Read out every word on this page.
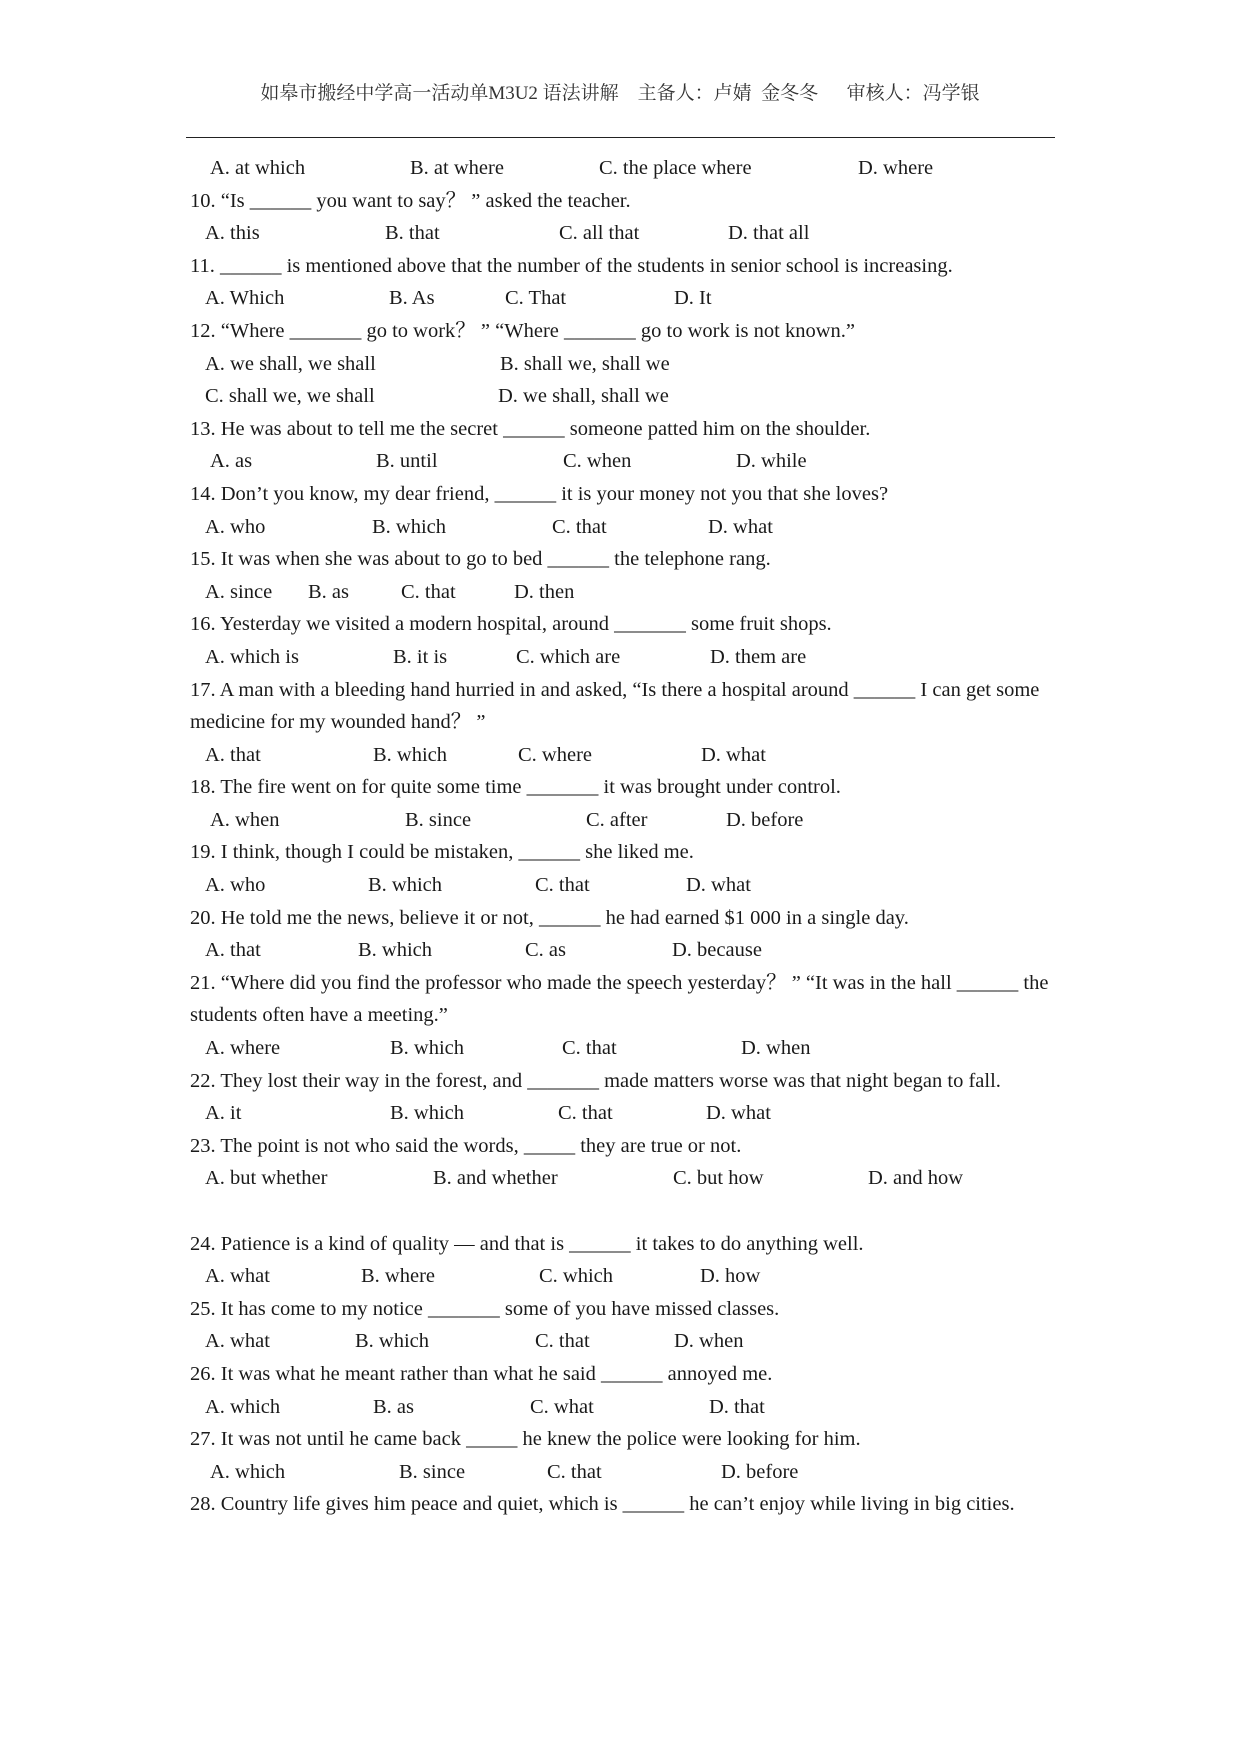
如皋市搬经中学高一活动单M3U2 语法讲解    主备人：卢婧  金冬冬      审核人：冯学银
A. at which	B. at where	C. the place where	D. where
10. “Is ______ you want to say？ ” asked the teacher.
A. this	B. that	C. all that	D. that all
11. ______ is mentioned above that the number of the students in senior school is increasing.
A. Which	B. As	C. That	D. It
12. “Where _______ go to work？ ” “Where _______ go to work is not known.”
A. we shall, we shall	B. shall we, shall we
C. shall we, we shall	D. we shall, shall we
13. He was about to tell me the secret ______ someone patted him on the shoulder.
A. as	B. until	C. when	D. while
14. Don’t you know, my dear friend, ______ it is your money not you that she loves?
A. who	B. which	C. that	D. what
15. It was when she was about to go to bed ______ the telephone rang.
A. since B. as	C. that	D. then
16. Yesterday we visited a modern hospital, around _______ some fruit shops.
A. which is	B. it is	C. which are	D. them are
17. A man with a bleeding hand hurried in and asked, “Is there a hospital around ______ I can get some medicine for my wounded hand？ ”
A. that	B. which	C. where	D. what
18. The fire went on for quite some time _______ it was brought under control.
A. when	B. since	C. after	D. before
19. I think, though I could be mistaken, ______ she liked me.
A. who	B. which	C. that	D. what
20. He told me the news, believe it or not, ______ he had earned $1 000 in a single day.
A. that	B. which	C. as	D. because
21. “Where did you find the professor who made the speech yesterday？ ” “It was in the hall ______ the students often have a meeting.”
A. where	B. which	C. that	D. when
22. They lost their way in the forest, and _______ made matters worse was that night began to fall.
A. it	B. which	C. that	D. what
23. The point is not who said the words, _____ they are true or not.
A. but whether	B. and whether	C. but how	D. and how
24. Patience is a kind of quality — and that is ______ it takes to do anything well.
A. what	B. where	C. which	D. how
25. It has come to my notice _______ some of you have missed classes.
A. what	B. which	C. that	D. when
26. It was what he meant rather than what he said ______ annoyed me.
A. which	B. as	C. what	D. that
27. It was not until he came back _____ he knew the police were looking for him.
A. which	B. since	C. that	D. before
28. Country life gives him peace and quiet, which is ______ he can’t enjoy while living in big cities.
